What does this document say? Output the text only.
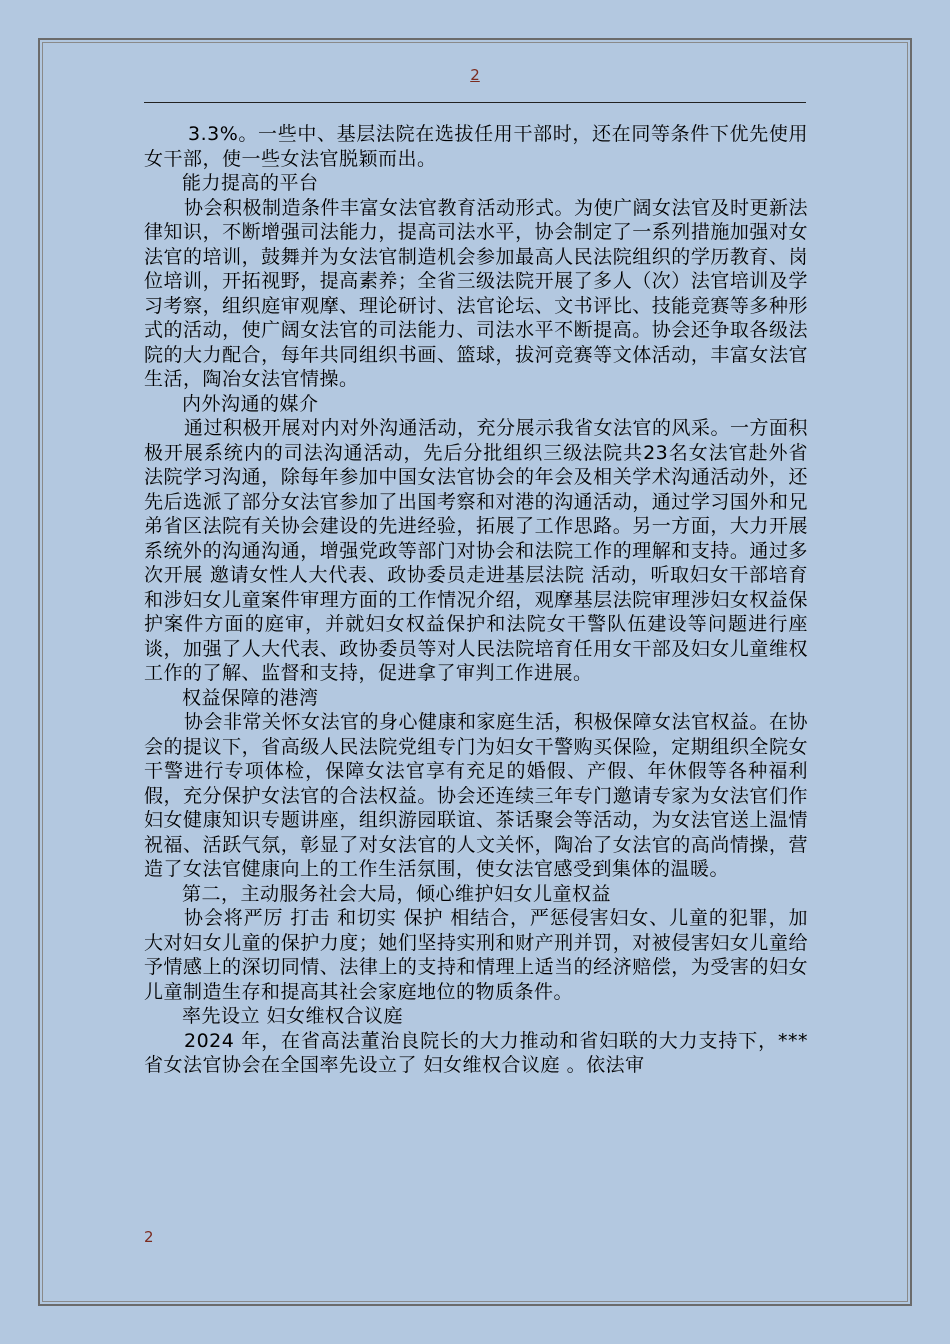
2

3.3%。一些中、基层法院在选拔任用干部时，还在同等条件下优先使用女干部，使一些女法官脱颖而出。

能力提高的平台

协会积极制造条件丰富女法官教育活动形式。为使广阔女法官及时更新法律知识，不断增强司法能力，提高司法水平，协会制定了一系列措施加强对女法官的培训，鼓舞并为女法官制造机会参加最高人民法院组织的学历教育、岗位培训，开拓视野，提高素养；全省三级法院开展了多人（次）法官培训及学习考察，组织庭审观摩、理论研讨、法官论坛、文书评比、技能竞赛等多种形式的活动，使广阔女法官的司法能力、司法水平不断提高。协会还争取各级法院的大力配合，每年共同组织书画、篮球，拔河竞赛等文体活动，丰富女法官生活，陶冶女法官情操。

内外沟通的媒介

通过积极开展对内对外沟通活动，充分展示我省女法官的风采。一方面积极开展系统内的司法沟通活动，先后分批组织三级法院共23名女法官赴外省法院学习沟通，除每年参加中国女法官协会的年会及相关学术沟通活动外，还先后选派了部分女法官参加了出国考察和对港的沟通活动，通过学习国外和兄弟省区法院有关协会建设的先进经验，拓展了工作思路。另一方面，大力开展系统外的沟通沟通，增强党政等部门对协会和法院工作的理解和支持。通过多次开展 邀请女性人大代表、政协委员走进基层法院 活动，听取妇女干部培育和涉妇女儿童案件审理方面的工作情况介绍，观摩基层法院审理涉妇女权益保护案件方面的庭审，并就妇女权益保护和法院女干警队伍建设等问题进行座谈，加强了人大代表、政协委员等对人民法院培育任用女干部及妇女儿童维权工作的了解、监督和支持，促进拿了审判工作进展。

权益保障的港湾

协会非常关怀女法官的身心健康和家庭生活，积极保障女法官权益。在协会的提议下，省高级人民法院党组专门为妇女干警购买保险，定期组织全院女干警进行专项体检，保障女法官享有充足的婚假、产假、年休假等各种福利假，充分保护女法官的合法权益。协会还连续三年专门邀请专家为女法官们作妇女健康知识专题讲座，组织游园联谊、茶话聚会等活动，为女法官送上温情祝福、活跃气氛，彰显了对女法官的人文关怀，陶冶了女法官的高尚情操，营造了女法官健康向上的工作生活氛围，使女法官感受到集体的温暖。

第二，主动服务社会大局，倾心维护妇女儿童权益

协会将严厉 打击 和切实 保护 相结合，严惩侵害妇女、儿童的犯罪，加大对妇女儿童的保护力度；她们坚持实刑和财产刑并罚，对被侵害妇女儿童给予情感上的深切同情、法律上的支持和情理上适当的经济赔偿，为受害的妇女儿童制造生存和提高其社会家庭地位的物质条件。

率先设立 妇女维权合议庭

2024 年，在省高法董治良院长的大力推动和省妇联的大力支持下，***省女法官协会在全国率先设立了 妇女维权合议庭 。依法审

2
